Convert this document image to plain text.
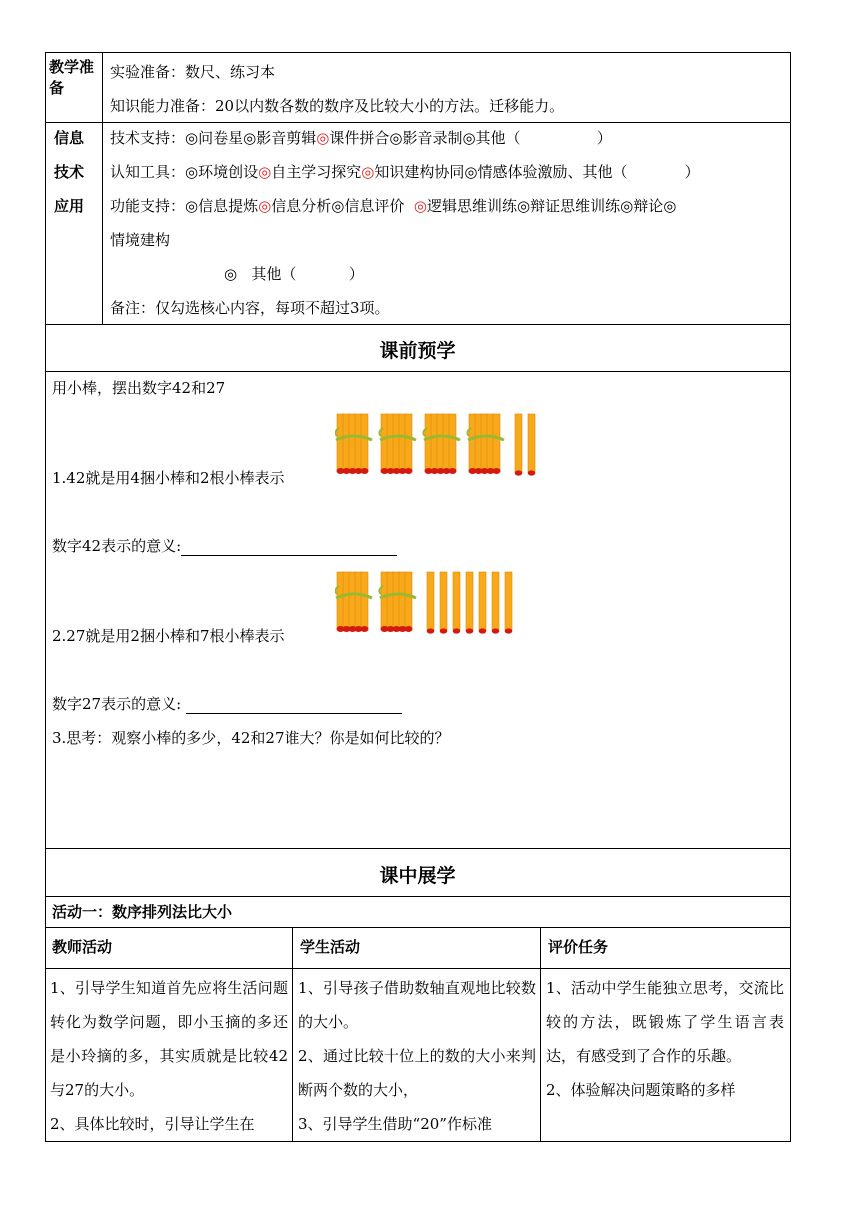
教学准备
实验准备：数尺、练习本
知识能力准备：20以内数各数的数序及比较大小的方法。迁移能力。
信息
技术
应用
技术支持：◎问卷星◎影音剪辑◎课件拼合◎影音录制◎其他（                ）
认知工具：◎环境创设◎自主学习探究◎知识建构协同◎情感体验激励、其他（            ）
功能支持：◎信息提炼◎信息分析◎信息评价  ◎逻辑思维训练◎辩证思维训练◎辩论◎
情境建构
◎   其他（           ）
备注：仅勾选核心内容，每项不超过3项。
课前预学
用小棒，摆出数字42和27
1.42就是用4捆小棒和2根小棒表示
数字42表示的意义:
2.27就是用2捆小棒和7根小棒表示
数字27表示的意义:
3.思考：观察小棒的多少，42和27谁大？你是如何比较的？
课中展学
活动一：数序排列法比大小
教师活动	学生活动	评价任务
1、引导学生知道首先应将生活问题转化为数学问题，即小玉摘的多还是小玲摘的多，其实质就是比较42与27的大小。
2、具体比较时，引导让学生在
1、引导孩子借助数轴直观地比较数的大小。
2、通过比较十位上的数的大小来判断两个数的大小，
3、引导学生借助“20”作标准
1、活动中学生能独立思考，交流比较的方法，既锻炼了学生语言表达，有感受到了合作的乐趣。
2、体验解决问题策略的多样
